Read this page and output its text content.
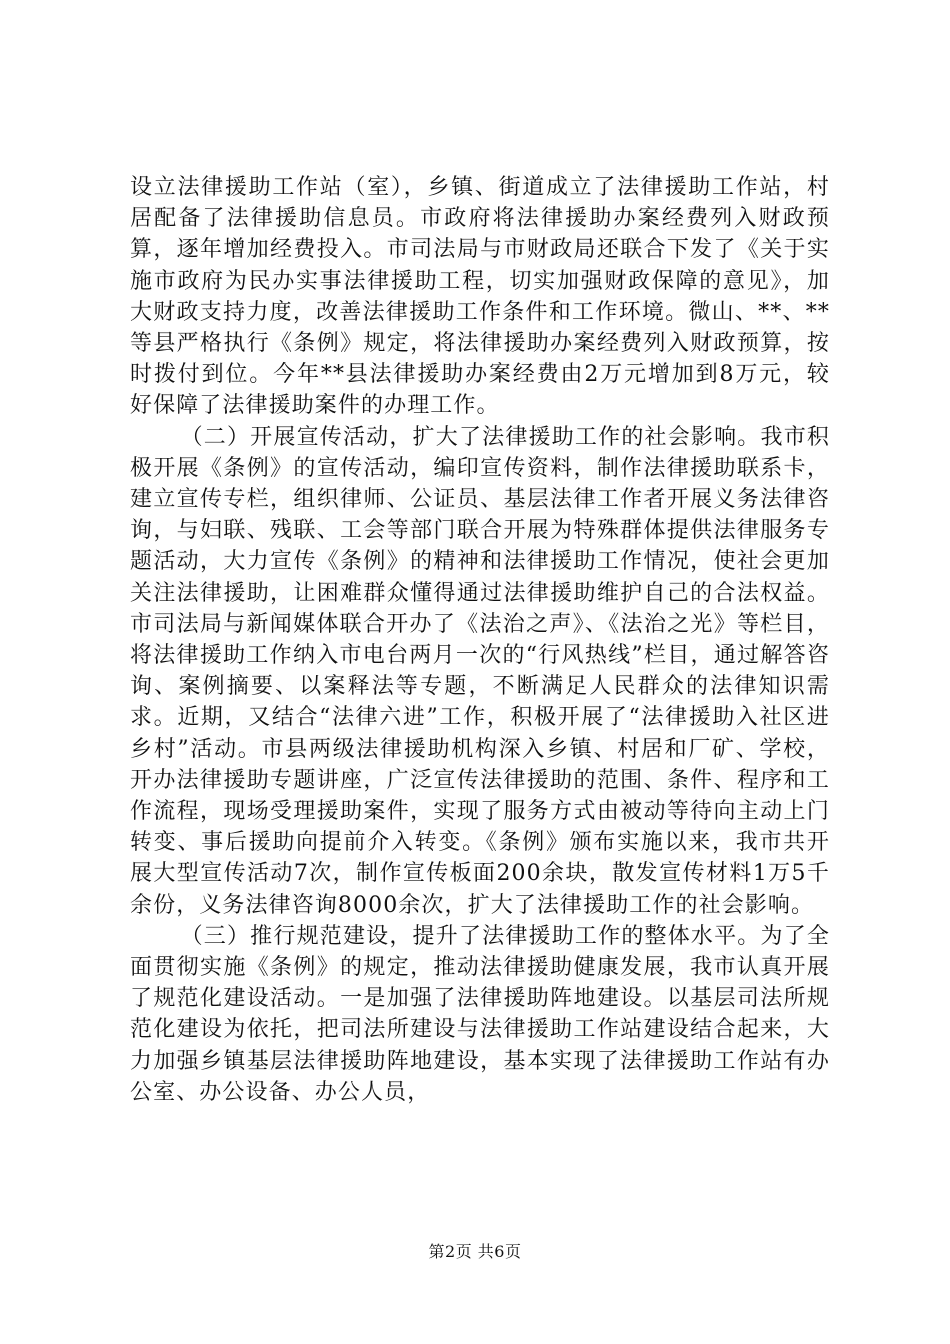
设立法律援助工作站（室），乡镇、街道成立了法律援助工作站，村居配备了法律援助信息员。市政府将法律援助办案经费列入财政预算，逐年增加经费投入。市司法局与市财政局还联合下发了《关于实施市政府为民办实事法律援助工程，切实加强财政保障的意见》，加大财政支持力度，改善法律援助工作条件和工作环境。微山、**、**等县严格执行《条例》规定，将法律援助办案经费列入财政预算，按时拨付到位。今年**县法律援助办案经费由2万元增加到8万元，较好保障了法律援助案件的办理工作。

（二）开展宣传活动，扩大了法律援助工作的社会影响。我市积极开展《条例》的宣传活动，编印宣传资料，制作法律援助联系卡，建立宣传专栏，组织律师、公证员、基层法律工作者开展义务法律咨询，与妇联、残联、工会等部门联合开展为特殊群体提供法律服务专题活动，大力宣传《条例》的精神和法律援助工作情况，使社会更加关注法律援助，让困难群众懂得通过法律援助维护自己的合法权益。市司法局与新闻媒体联合开办了《法治之声》、《法治之光》等栏目，将法律援助工作纳入市电台两月一次的“行风热线”栏目，通过解答咨询、案例摘要、以案释法等专题，不断满足人民群众的法律知识需求。近期，又结合“法律六进”工作，积极开展了“法律援助入社区进乡村”活动。市县两级法律援助机构深入乡镇、村居和厂矿、学校，开办法律援助专题讲座，广泛宣传法律援助的范围、条件、程序和工作流程，现场受理援助案件，实现了服务方式由被动等待向主动上门转变、事后援助向提前介入转变。《条例》颁布实施以来，我市共开展大型宣传活动7次，制作宣传板面200余块，散发宣传材料1万5千余份，义务法律咨询8000余次，扩大了法律援助工作的社会影响。

（三）推行规范建设，提升了法律援助工作的整体水平。为了全面贯彻实施《条例》的规定，推动法律援助健康发展，我市认真开展了规范化建设活动。一是加强了法律援助阵地建设。以基层司法所规范化建设为依托，把司法所建设与法律援助工作站建设结合起来，大力加强乡镇基层法律援助阵地建设，基本实现了法律援助工作站有办公室、办公设备、办公人员，

第2页 共6页
